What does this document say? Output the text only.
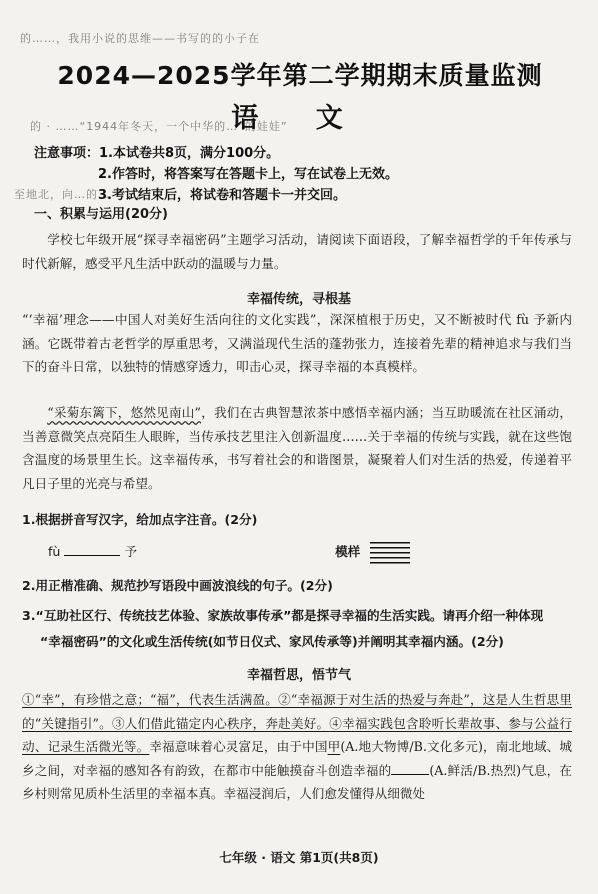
的……，我用小说的思维——书写的的小子在
的 · ……“1944年冬天，一个中华的…“的娃娃”
至地北，向…的…
2024—2025学年第二学期期末质量监测
语 文
注意事项：1.本试卷共8页，满分100分。
2.作答时，将答案写在答题卡上，写在试卷上无效。
3.考试结束后，将试卷和答题卡一并交回。
一、积累与运用(20分)
学校七年级开展“探寻幸福密码”主题学习活动，请阅读下面语段，了解幸福哲学的千年传承与时代新解，感受平凡生活中跃动的温暖与力量。
幸福传统，寻根基
“‘幸福’理念——中国人对美好生活向往的文化实践”，深深植根于历史，又不断被时代 fù 予新内涵。它既带着古老哲学的厚重思考，又满溢现代生活的蓬勃张力，连接着先辈的精神追求与我们当下的奋斗日常，以独特的情感穿透力，叩击心灵，探寻幸福的本真模样。
“采菊东篱下，悠然见南山”，我们在古典智慧浓茶中感悟幸福内涵；当互助暖流在社区涌动，当善意微笑点亮陌生人眼眸，当传承技艺里注入创新温度……关于幸福的传统与实践，就在这些饱含温度的场景里生长。这幸福传承，书写着社会的和谐图景，凝聚着人们对生活的热爱，传递着平凡日子里的光亮与希望。
1.根据拼音写汉字，给加点字注音。(2分)
fù	予	模样
2.用正楷准确、规范抄写语段中画波浪线的句子。(2分)
3.“互助社区行、传统技艺体验、家族故事传承”都是探寻幸福的生活实践。请再介绍一种体现
“幸福密码”的文化或生活传统(如节日仪式、家风传承等)并阐明其幸福内涵。(2分)
幸福哲思，悟节气
①“幸”，有珍惜之意；“福”，代表生活满盈。②“幸福源于对生活的热爱与奔赴”，这是人生哲思里的“关键指引”。③人们借此锚定内心秩序，奔赴美好。④幸福实践包含聆听长辈故事、参与公益行动、记录生活微光等。幸福意味着心灵富足，由于中国甲(A.地大物博/B.文化多元)，南北地域、城乡之间，对幸福的感知各有韵致，在都市中能触摸奋斗创造幸福的	(A.鲜活/B.热烈)气息，在乡村则常见质朴生活里的幸福本真。幸福浸润后，人们愈发懂得从细微处
七年级 · 语文 第1页(共8页)
